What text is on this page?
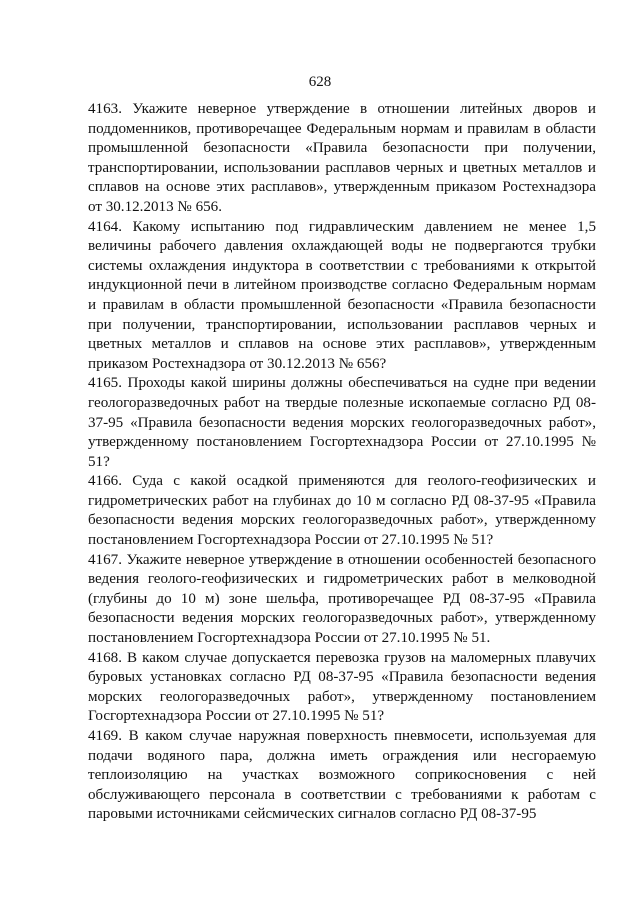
628

4163. Укажите неверное утверждение в отношении литейных дворов и поддоменников, противоречащее Федеральным нормам и правилам в области промышленной безопасности «Правила безопасности при получении, транспортировании, использовании расплавов черных и цветных металлов и сплавов на основе этих расплавов», утвержденным приказом Ростехнадзора от 30.12.2013 № 656.

4164. Какому испытанию под гидравлическим давлением не менее 1,5 величины рабочего давления охлаждающей воды не подвергаются трубки системы охлаждения индуктора в соответствии с требованиями к открытой индукционной печи в литейном производстве согласно Федеральным нормам и правилам в области промышленной безопасности «Правила безопасности при получении, транспортировании, использовании расплавов черных и цветных металлов и сплавов на основе этих расплавов», утвержденным приказом Ростехнадзора от 30.12.2013 № 656?

4165. Проходы какой ширины должны обеспечиваться на судне при ведении геологоразведочных работ на твердые полезные ископаемые согласно РД 08-37-95 «Правила безопасности ведения морских геологоразведочных работ», утвержденному постановлением Госгортехнадзора России от 27.10.1995 № 51?

4166. Суда с какой осадкой применяются для геолого-геофизических и гидрометрических работ на глубинах до 10 м согласно РД 08-37-95 «Правила безопасности ведения морских геологоразведочных работ», утвержденному постановлением Госгортехнадзора России от 27.10.1995 № 51?

4167. Укажите неверное утверждение в отношении особенностей безопасного ведения геолого-геофизических и гидрометрических работ в мелководной (глубины до 10 м) зоне шельфа, противоречащее РД 08-37-95 «Правила безопасности ведения морских геологоразведочных работ», утвержденному постановлением Госгортехнадзора России от 27.10.1995 № 51.

4168. В каком случае допускается перевозка грузов на маломерных плавучих буровых установках согласно РД 08-37-95 «Правила безопасности ведения морских геологоразведочных работ», утвержденному постановлением Госгортехнадзора России от 27.10.1995 № 51?

4169. В каком случае наружная поверхность пневмосети, используемая для подачи водяного пара, должна иметь ограждения или несгораемую теплоизоляцию на участках возможного соприкосновения с ней обслуживающего персонала в соответствии с требованиями к работам с паровыми источниками сейсмических сигналов согласно РД 08-37-95
